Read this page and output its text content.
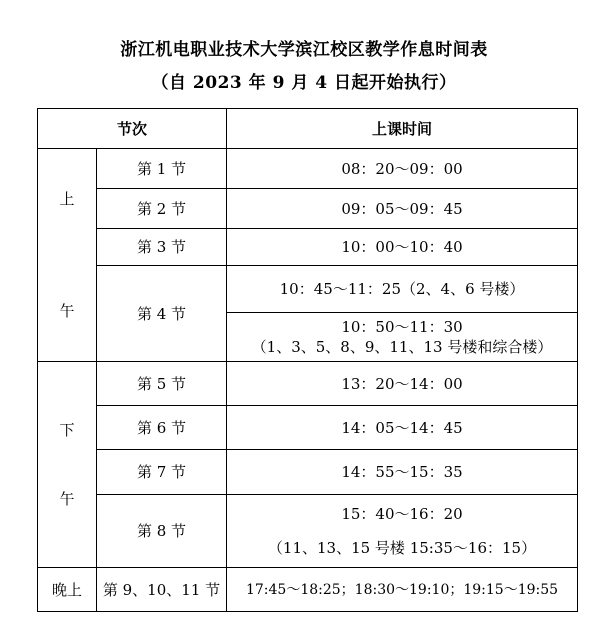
浙江机电职业技术大学滨江校区教学作息时间表
（自 2023 年 9 月 4 日起开始执行）
节次		上课时间

上
午	第 1 节	08：20～09：00
	第 2 节	09：05～09：45
	第 3 节	10：00～10：40
	第 4 节	10：45～11：25（2、4、6 号楼）
10：50～11：30
（1、3、5、8、9、11、13 号楼和综合楼）

下
午	第 5 节	13：20～14：00
	第 6 节	14：05～14：45
	第 7 节	14：55～15：35
	第 8 节	15：40～16：20
（11、13、15 号楼 15:35～16：15）

晚上	第 9、10、11 节	17:45～18:25；18:30～19:10；19:15～19:55
